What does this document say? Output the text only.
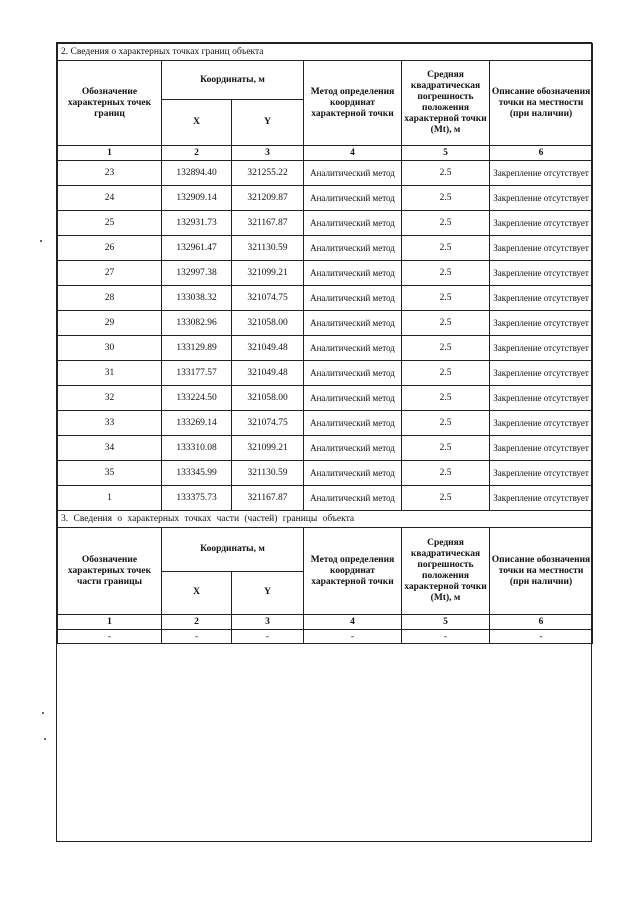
2. Сведения о характерных точках границ объекта					
Обозначение характерных точек границ	Координаты, м		Метод определения координат характерной точки	Средняя квадратическая погрешность положения характерной точки (Mt), м	Описание обозначения точки на местности (при наличии)
	X	Y			
1	2	3	4	5	6
23	132894.40	321255.22	Аналитический метод	2.5	Закрепление отсутствует
24	132909.14	321209.87	Аналитический метод	2.5	Закрепление отсутствует
25	132931.73	321167.87	Аналитический метод	2.5	Закрепление отсутствует
26	132961.47	321130.59	Аналитический метод	2.5	Закрепление отсутствует
27	132997.38	321099.21	Аналитический метод	2.5	Закрепление отсутствует
28	133038.32	321074.75	Аналитический метод	2.5	Закрепление отсутствует
29	133082.96	321058.00	Аналитический метод	2.5	Закрепление отсутствует
30	133129.89	321049.48	Аналитический метод	2.5	Закрепление отсутствует
31	133177.57	321049.48	Аналитический метод	2.5	Закрепление отсутствует
32	133224.50	321058.00	Аналитический метод	2.5	Закрепление отсутствует
33	133269.14	321074.75	Аналитический метод	2.5	Закрепление отсутствует
34	133310.08	321099.21	Аналитический метод	2.5	Закрепление отсутствует
35	133345.99	321130.59	Аналитический метод	2.5	Закрепление отсутствует
1	133375.73	321167.87	Аналитический метод	2.5	Закрепление отсутствует
3. Сведения о характерных точках части (частей) границы объекта					
Обозначение характерных точек части границы	Координаты, м		Метод определения координат характерной точки	Средняя квадратическая погрешность положения характерной точки (Mt), м	Описание обозначения точки на местности (при наличии)
	X	Y			
1	2	3	4	5	6
-	-	-	-	-	-
